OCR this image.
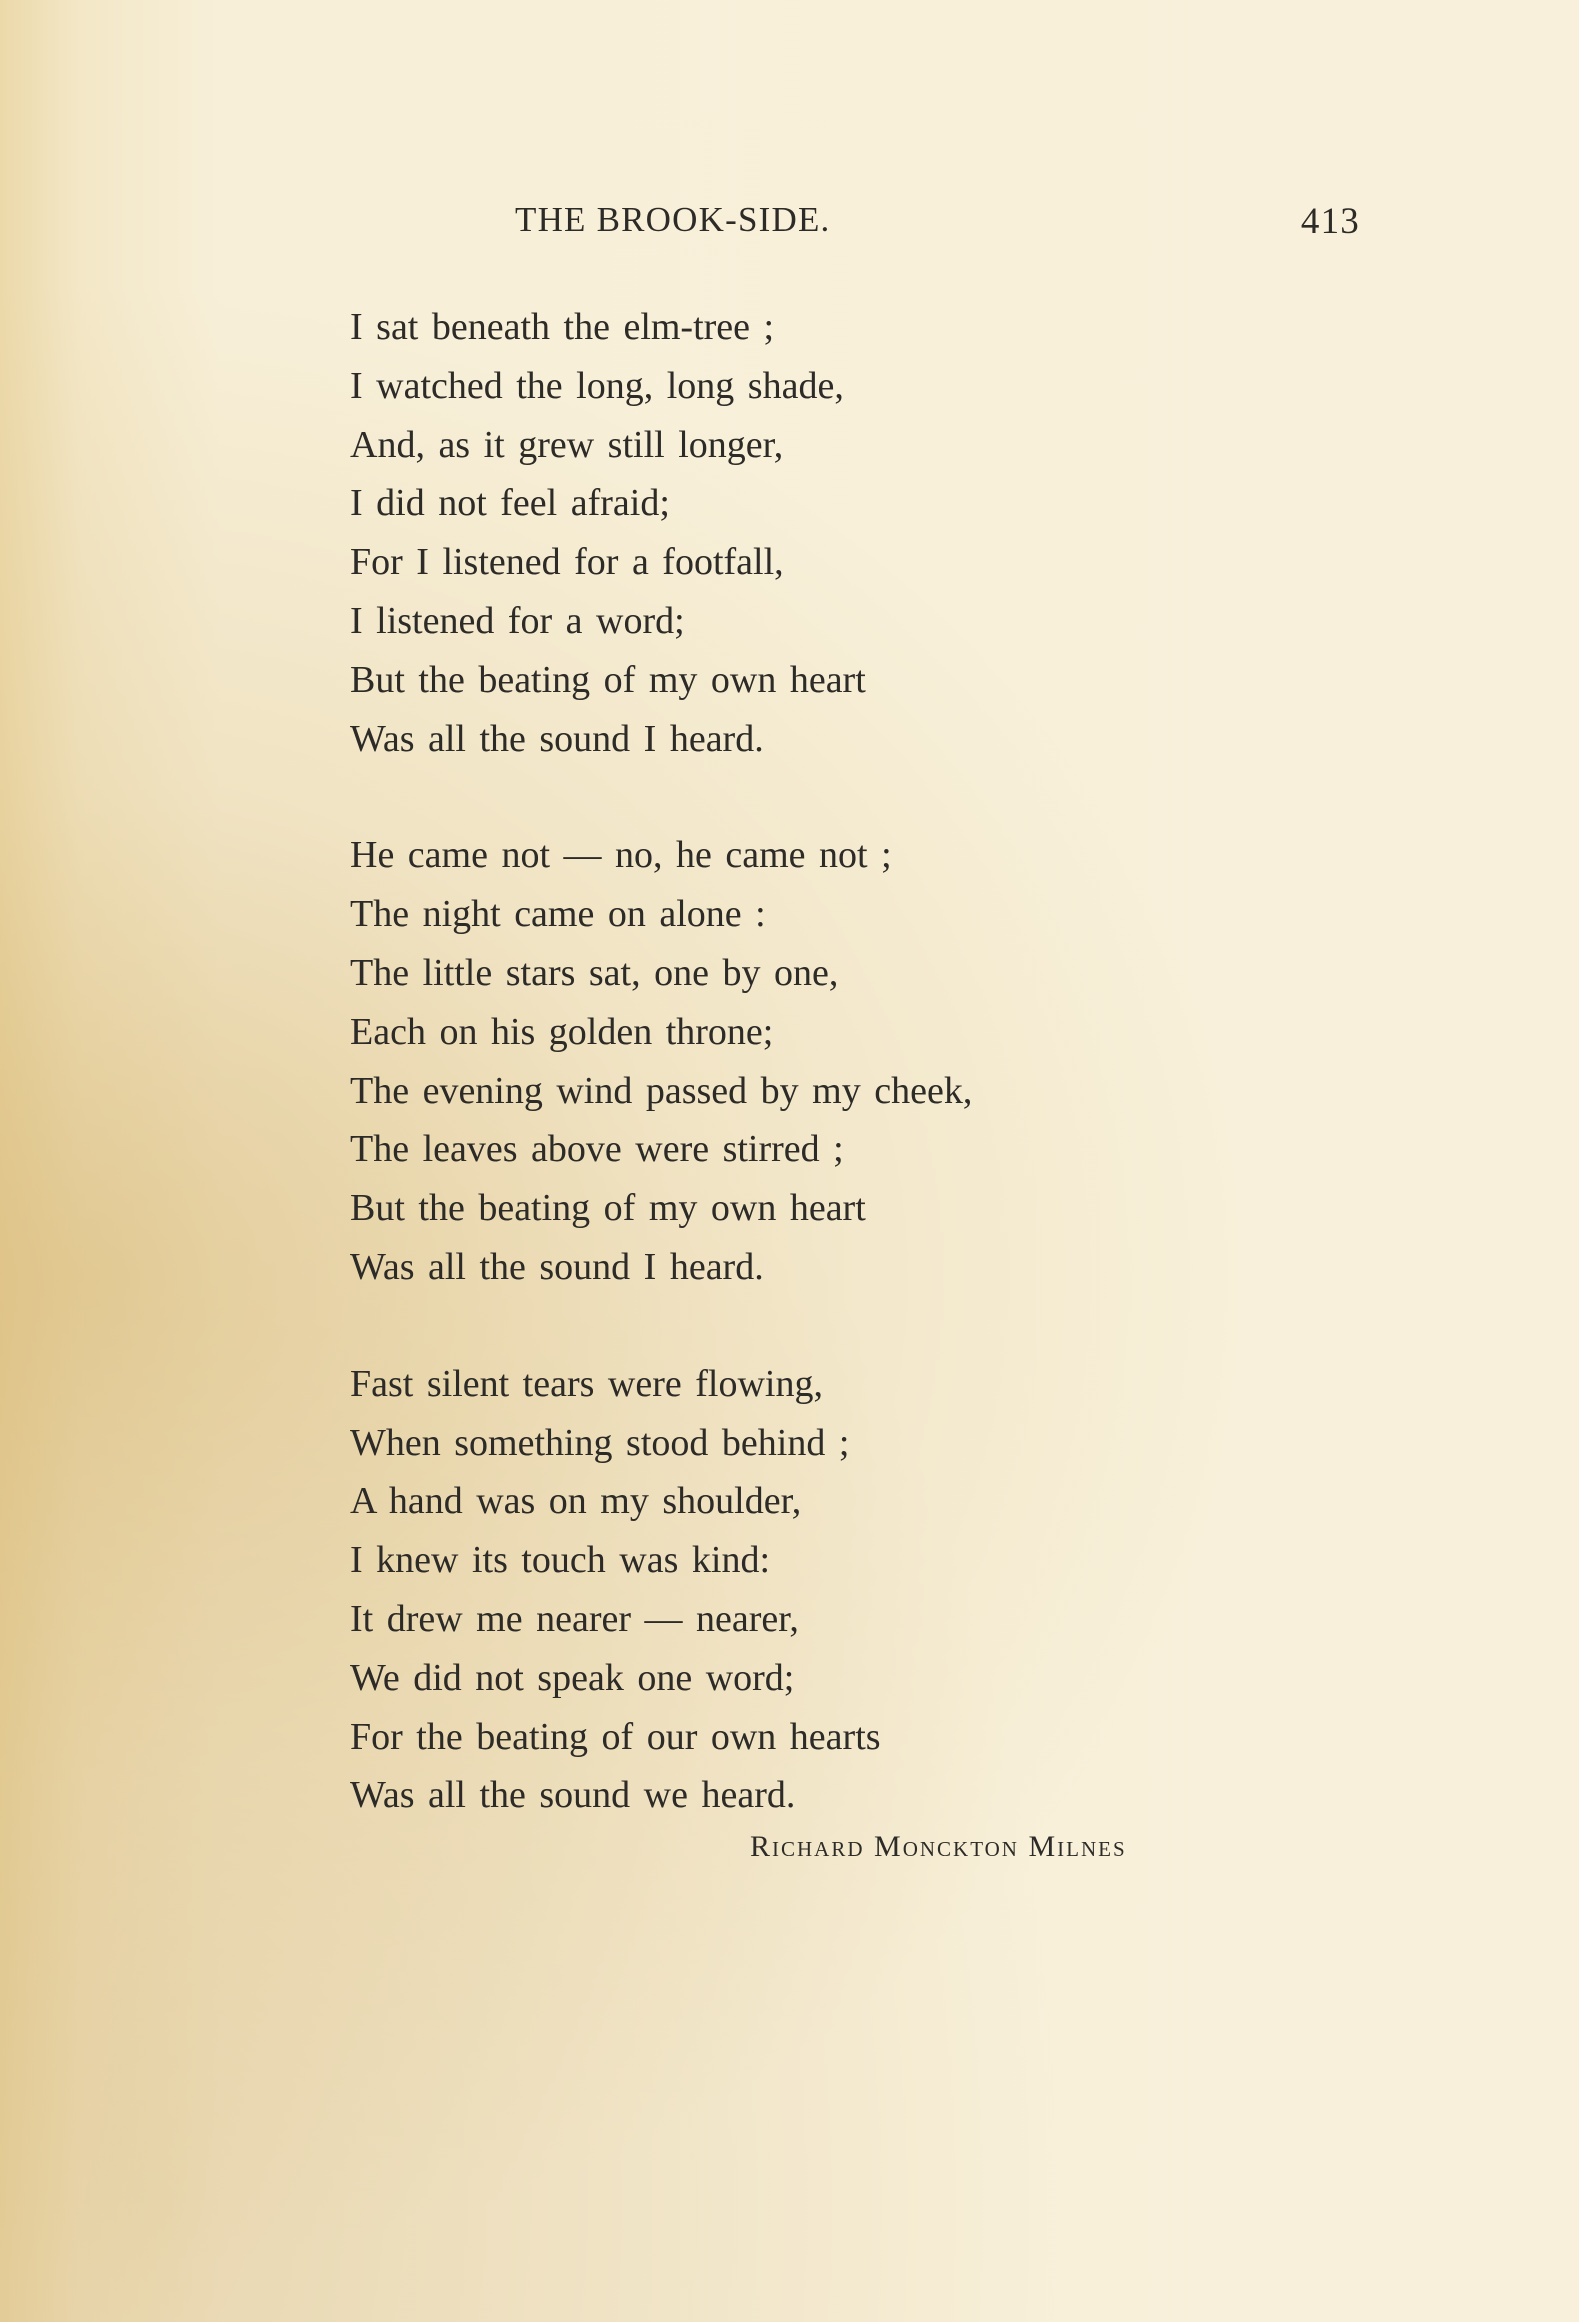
THE BROOK-SIDE.	413
I sat beneath the elm-tree ;
I watched the long, long shade,
And, as it grew still longer,
I did not feel afraid;
For I listened for a footfall,
I listened for a word;
But the beating of my own heart
Was all the sound I heard.
He came not — no, he came not ;
The night came on alone :
The little stars sat, one by one,
Each on his golden throne;
The evening wind passed by my cheek,
The leaves above were stirred ;
But the beating of my own heart
Was all the sound I heard.
Fast silent tears were flowing,
When something stood behind ;
A hand was on my shoulder,
I knew its touch was kind:
It drew me nearer — nearer,
We did not speak one word;
For the beating of our own hearts
Was all the sound we heard.
Richard Monckton Milnes
